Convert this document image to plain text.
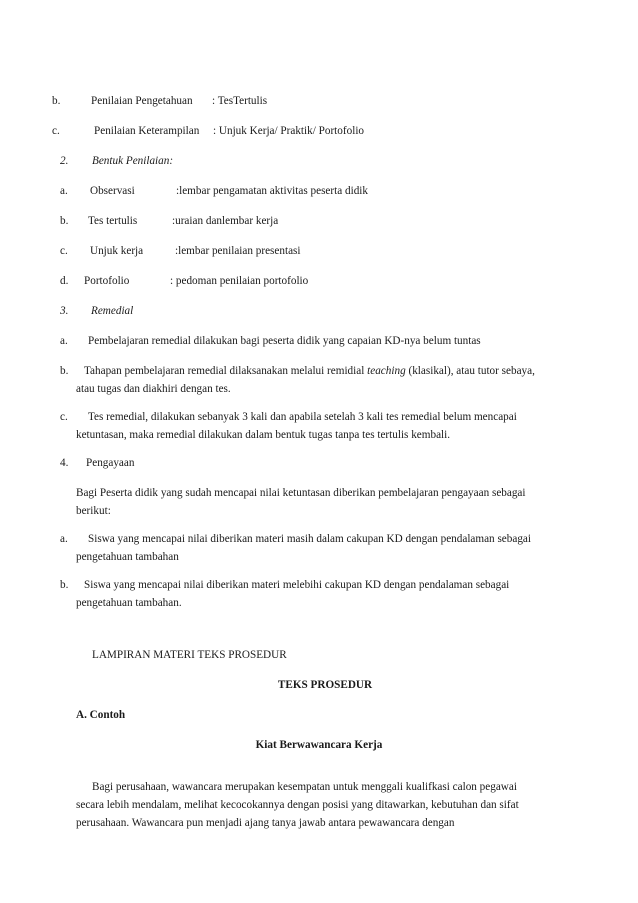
b.	Penilaian Pengetahuan : TesTertulis
c.	Penilaian Keterampilan : Unjuk Kerja/ Praktik/ Portofolio
2. Bentuk Penilaian:
a. Observasi	:lembar pengamatan aktivitas peserta didik
b. Tes tertulis	:uraian danlembar kerja
c. Unjuk kerja	:lembar penilaian presentasi
d. Portofolio	: pedoman penilaian portofolio
3. Remedial
a. Pembelajaran remedial dilakukan bagi peserta didik yang capaian KD-nya belum tuntas
b. Tahapan pembelajaran remedial dilaksanakan melalui remidial teaching (klasikal), atau tutor sebaya,
atau tugas dan diakhiri dengan tes.
c. Tes remedial, dilakukan sebanyak 3 kali dan apabila setelah 3 kali tes remedial belum mencapai
ketuntasan, maka remedial dilakukan dalam bentuk tugas tanpa tes tertulis kembali.
4. Pengayaan
Bagi Peserta didik yang sudah mencapai nilai ketuntasan diberikan pembelajaran pengayaan sebagai
berikut:
a. Siswa yang mencapai nilai diberikan materi masih dalam cakupan KD dengan pendalaman sebagai
pengetahuan tambahan
b. Siswa yang mencapai nilai diberikan materi melebihi cakupan KD dengan pendalaman sebagai
pengetahuan tambahan.
LAMPIRAN MATERI TEKS PROSEDUR
TEKS PROSEDUR
A. Contoh
Kiat Berwawancara Kerja
Bagi perusahaan, wawancara merupakan kesempatan untuk menggali kualifkasi calon pegawai
secara lebih mendalam, melihat kecocokannya dengan posisi yang ditawarkan, kebutuhan dan sifat
perusahaan. Wawancara pun menjadi ajang tanya jawab antara pewawancara dengan
